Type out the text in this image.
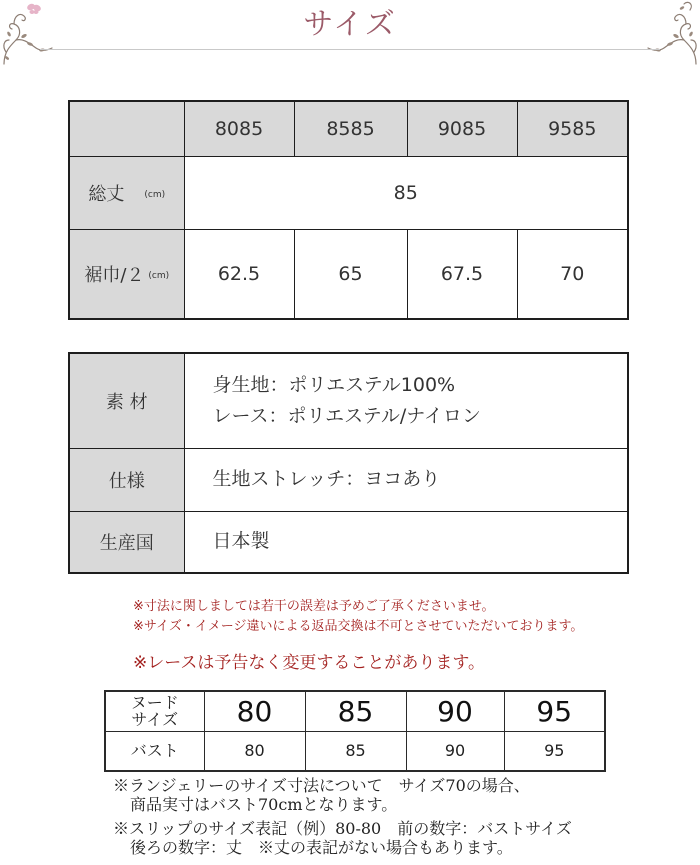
サイズ
	8085	8585	9085	9585
総丈 (cm)	85			
裾巾/２ (cm)	62.5	65	67.5	70
素 材	身生地：ポリエステル100%
レース：ポリエステル/ナイロン

仕様	生地ストレッチ：ヨコあり
生産国	日本製
※寸法に関しましては若干の誤差は予めご了承くださいませ。
※サイズ・イメージ違いによる返品交換は不可とさせていただいております。
※レースは予告なく変更することがあります。
ヌード
サイズ	80	85	90	95
バスト	80	85	90	95
※ランジェリーのサイズ寸法について　サイズ70の場合、
商品実寸はバスト70cmとなります。
※スリップのサイズ表記（例）80-80　前の数字：バストサイズ
後ろの数字：丈　※丈の表記がない場合もあります。
